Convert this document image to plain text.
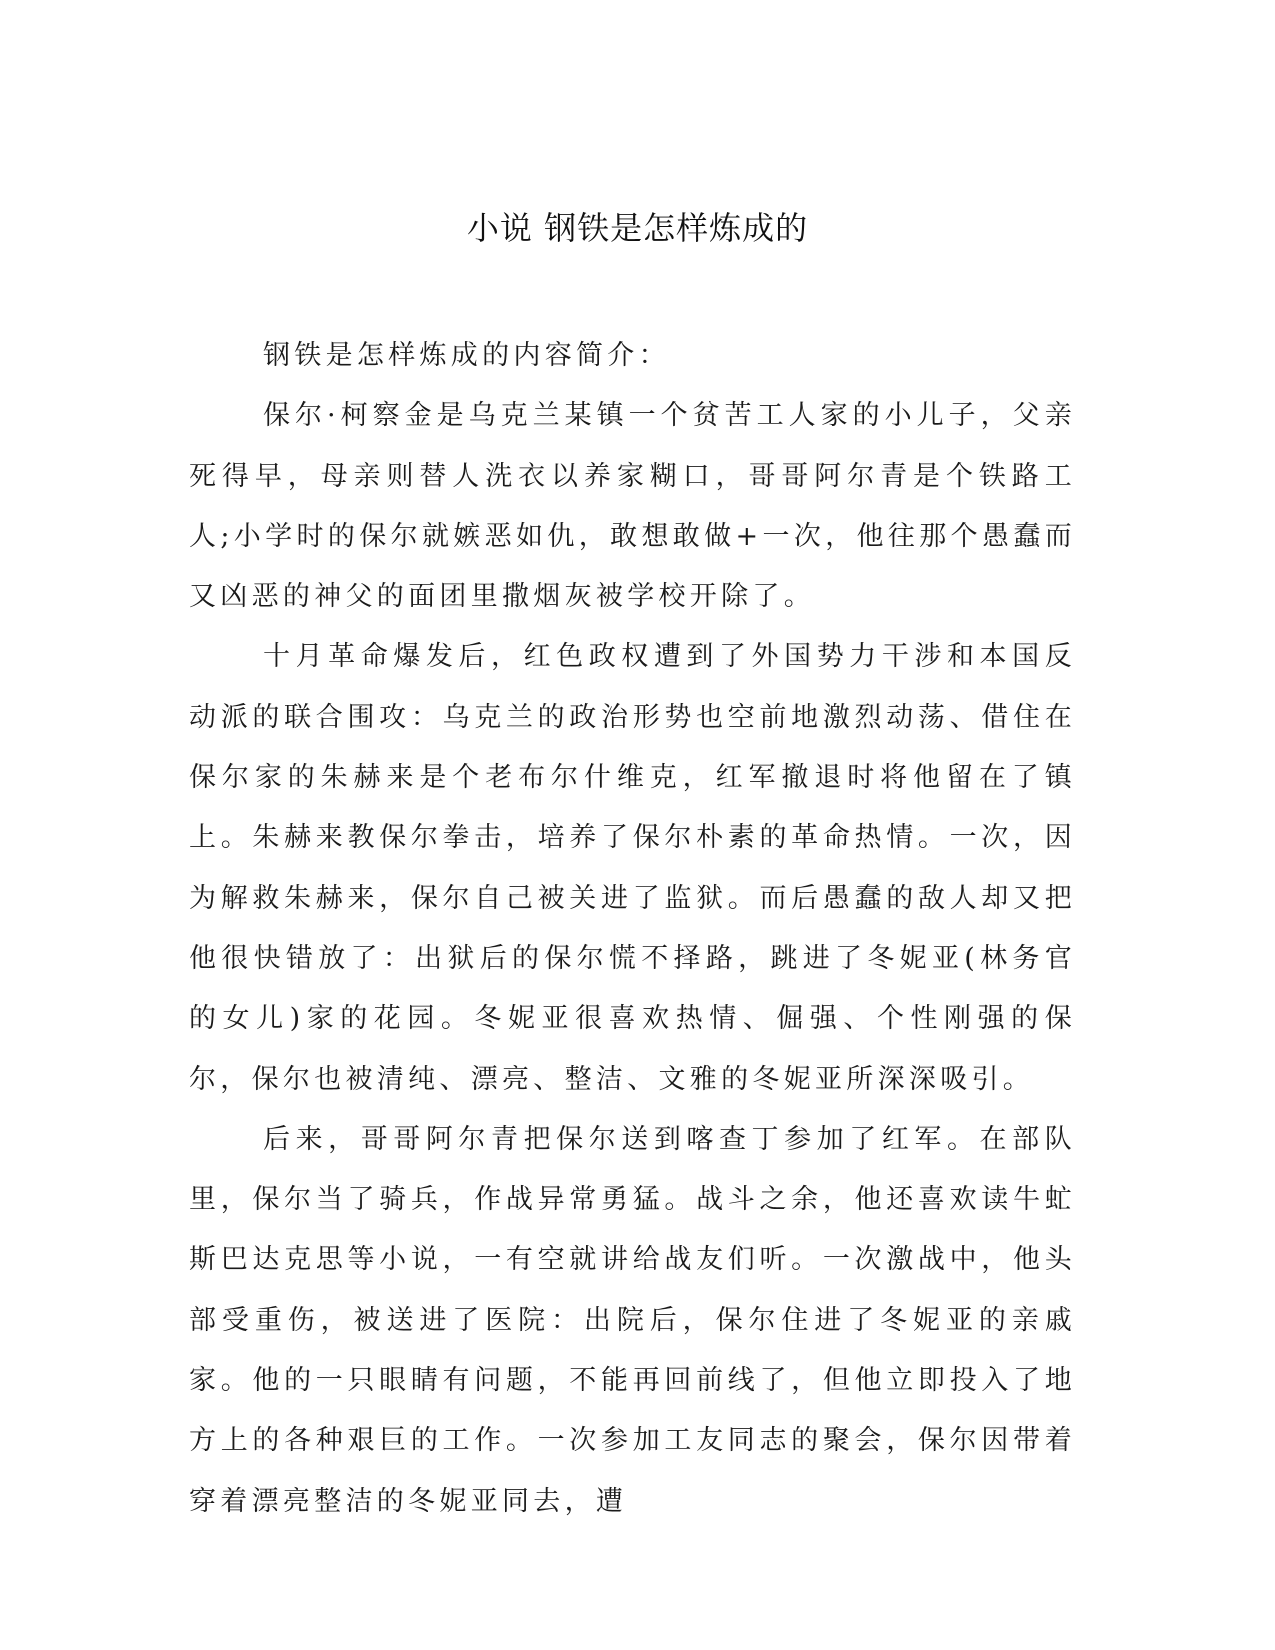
小说 钢铁是怎样炼成的

钢铁是怎样炼成的内容简介：

保尔·柯察金是乌克兰某镇一个贫苦工人家的小儿子，父亲死得早，母亲则替人洗衣以养家糊口，哥哥阿尔青是个铁路工人;小学时的保尔就嫉恶如仇，敢想敢做+一次，他往那个愚蠢而又凶恶的神父的面团里撒烟灰被学校开除了。

十月革命爆发后，红色政权遭到了外国势力干涉和本国反动派的联合围攻：乌克兰的政治形势也空前地激烈动荡、借住在保尔家的朱赫来是个老布尔什维克，红军撤退时将他留在了镇上。朱赫来教保尔拳击，培养了保尔朴素的革命热情。一次，因为解救朱赫来，保尔自己被关进了监狱。而后愚蠢的敌人却又把他很快错放了：出狱后的保尔慌不择路，跳进了冬妮亚(林务官的女儿)家的花园。冬妮亚很喜欢热情、倔强、个性刚强的保尔，保尔也被清纯、漂亮、整洁、文雅的冬妮亚所深深吸引。

后来，哥哥阿尔青把保尔送到喀查丁参加了红军。在部队里，保尔当了骑兵，作战异常勇猛。战斗之余，他还喜欢读牛虻斯巴达克思等小说，一有空就讲给战友们听。一次激战中，他头部受重伤，被送进了医院：出院后，保尔住进了冬妮亚的亲戚家。他的一只眼睛有问题，不能再回前线了，但他立即投入了地方上的各种艰巨的工作。一次参加工友同志的聚会，保尔因带着穿着漂亮整洁的冬妮亚同去，遭
